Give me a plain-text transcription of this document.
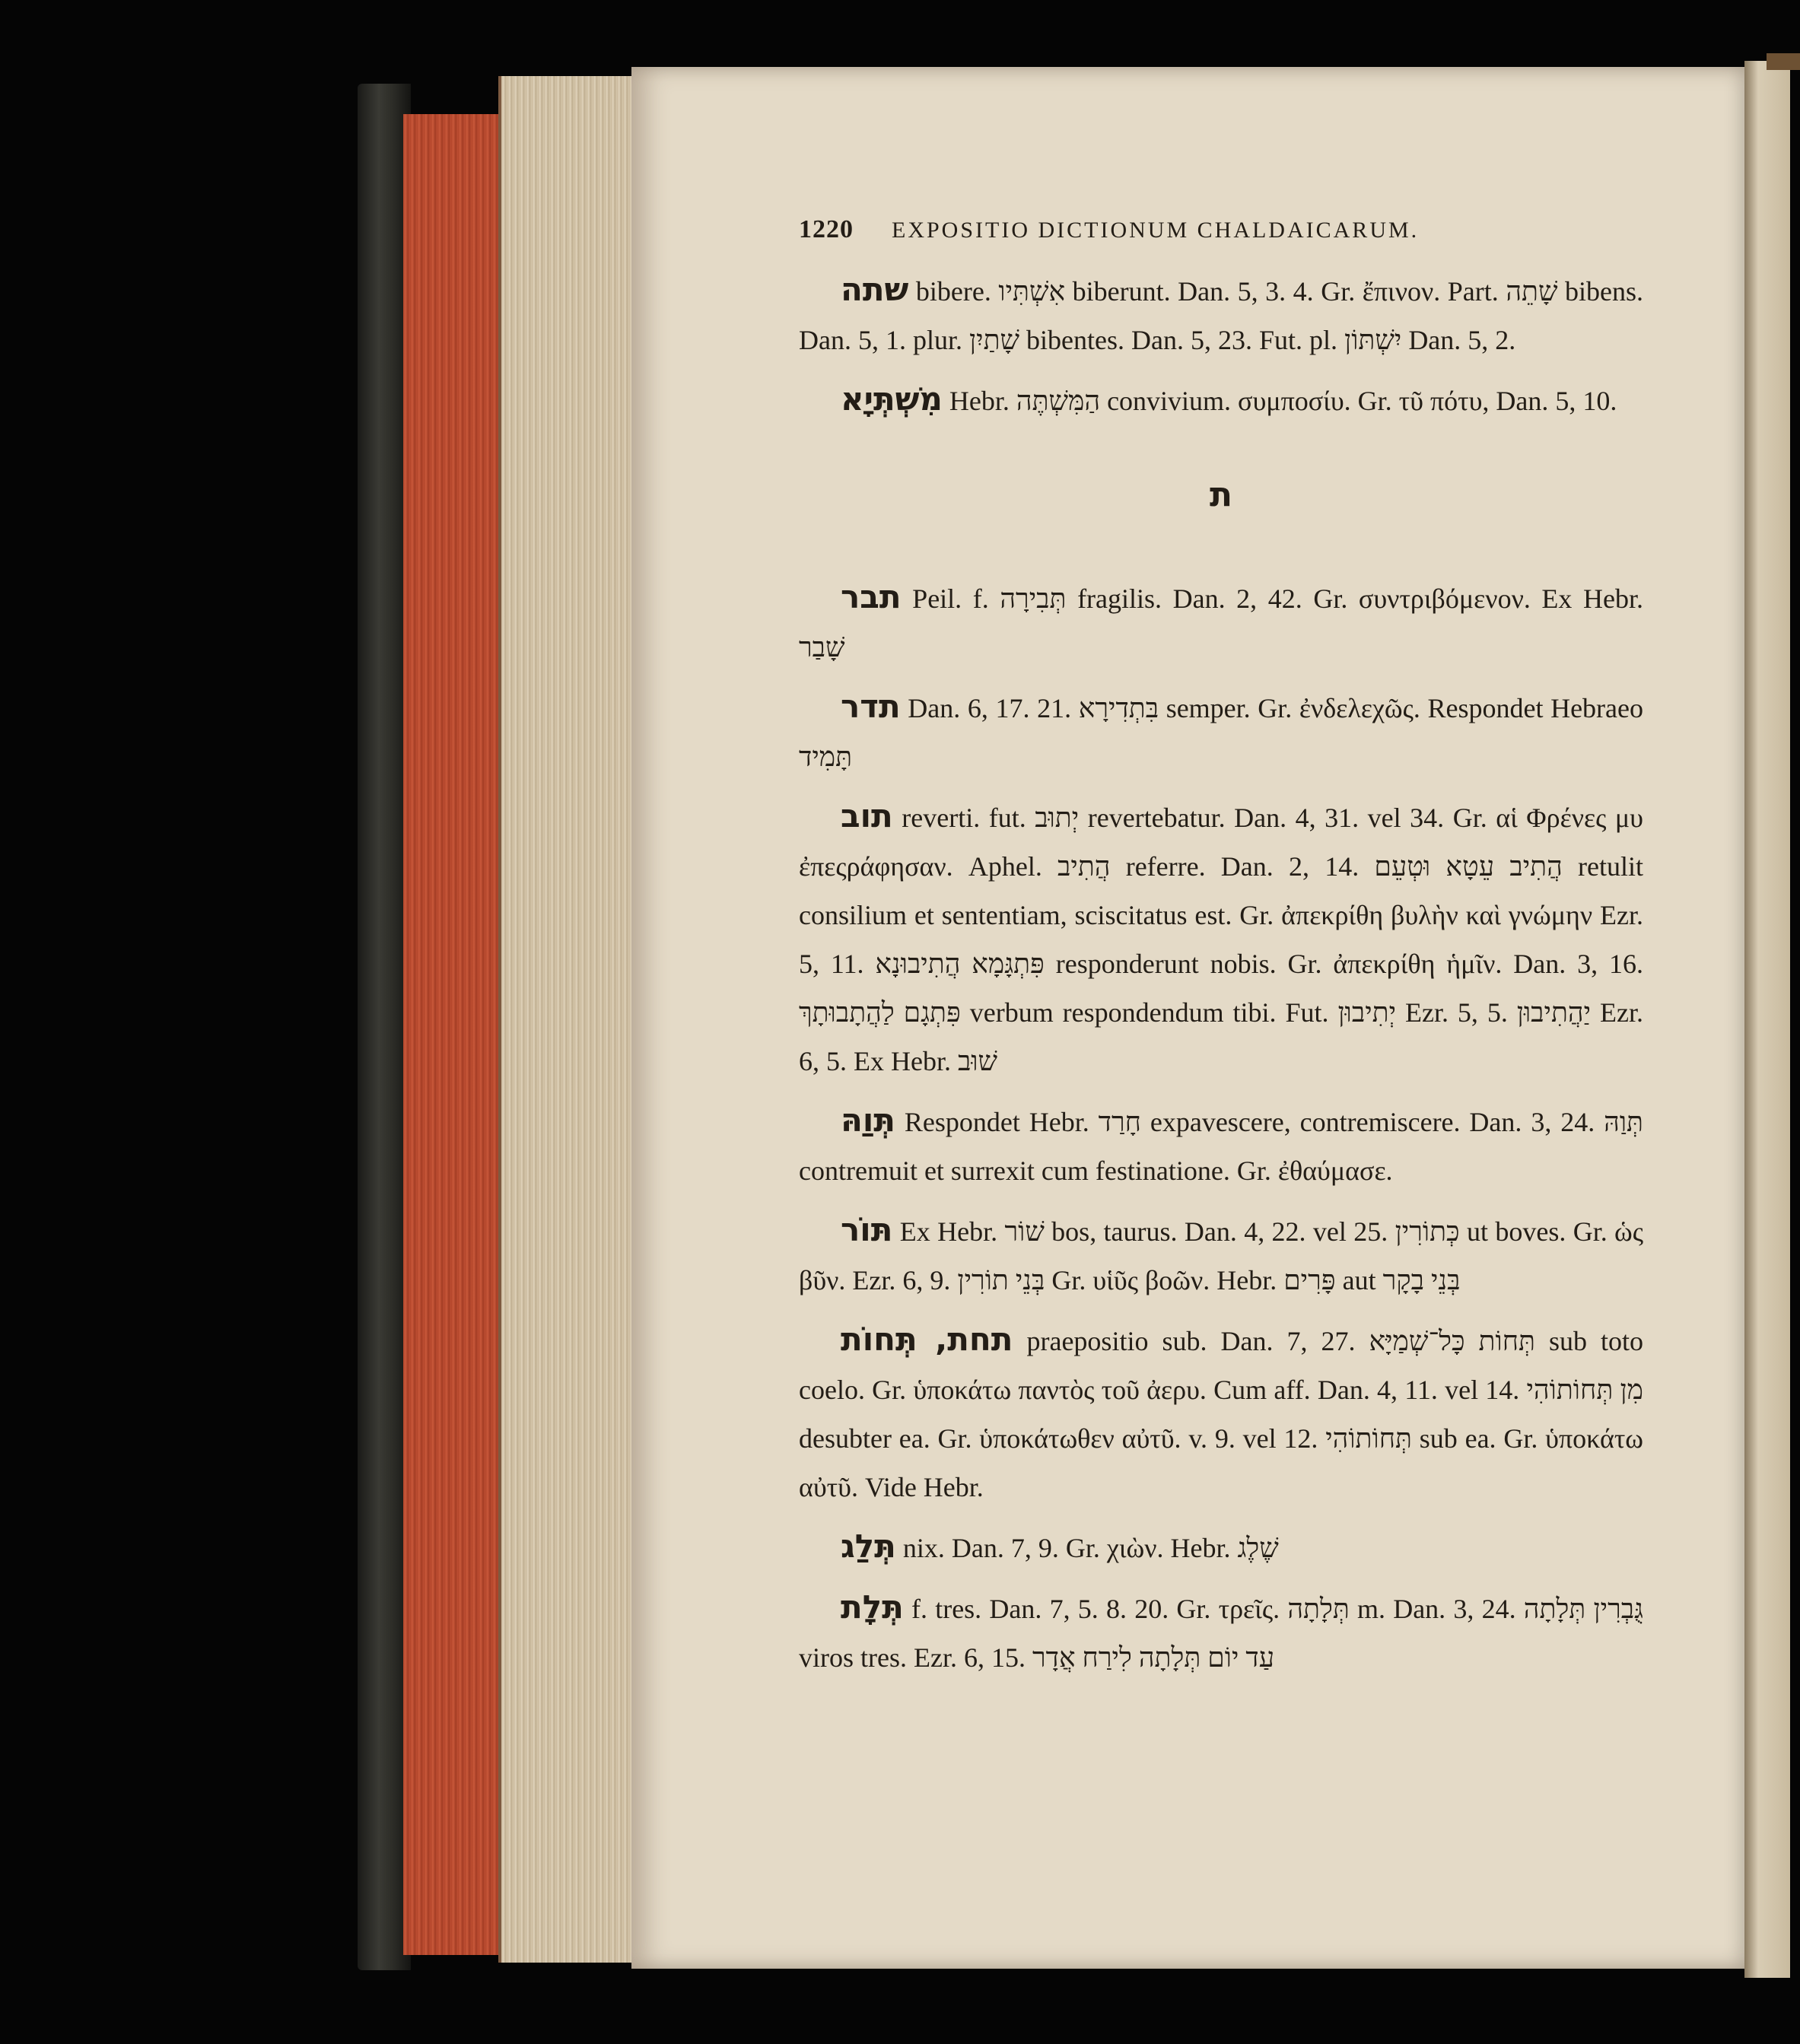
1220 EXPOSITIO DICTIONUM CHALDAICARUM.

שתה bibere. אִשְׁתִּיו biberunt. Dan. 5, 3. 4. Gr. ἔπινον. Part. שָׁתֵה bibens. Dan. 5, 1. plur. שָׁתַיִן bibentes. Dan. 5, 23. Fut. pl. יִשְׁתּוֹן Dan. 5, 2.

מִשְׁתְּיָא Hebr. הַמִּשְׁתֶּה convivium. συμποσίυ. Gr. τῦ πότυ, Dan. 5, 10.

ת

תבר Peil. f. תְּבִירָה fragilis. Dan. 2, 42. Gr. συντριβόμενον. Ex Hebr. שָׁבַר

תדר Dan. 6, 17. 21. בִּתְדִירָא semper. Gr. ἐνδελεχῶς. Respondet Hebraeo תָּמִיד

תוב reverti. fut. יְתוּב revertebatur. Dan. 4, 31. vel 34. Gr. αἱ Φρένες μυ ἐπεςράφησαν. Aphel. הֲתִיב referre. Dan. 2, 14. הֲתִיב עֵטָא וּטְעֵם retulit consilium et sententiam, sciscitatus est. Gr. ἀπεκρίθη βυλὴν καὶ γνώμην Ezr. 5, 11. פִּתְגָּמָא הֲתִיבוּנָא responderunt nobis. Gr. ἀπεκρίθη ἡμῖν. Dan. 3, 16. פִּתְגָם לַהֲתָבוּתָךְ verbum respondendum tibi. Fut. יְתִיבוּן Ezr. 5, 5. יַהֲתִיבוּן Ezr. 6, 5. Ex Hebr. שׁוּב

תְּוַהּ Respondet Hebr. חָרַד expavescere, contremiscere. Dan. 3, 24. תְּוַהּ contremuit et surrexit cum festinatione. Gr. ἐθαύμασε.

תּוֹר Ex Hebr. שׁוֹר bos, taurus. Dan. 4, 22. vel 25. כְּתוֹרִין ut boves. Gr. ὡς βῦν. Ezr. 6, 9. בְּנֵי תוֹרִין Gr. υἱῦς βοῶν. Hebr. פָּרִים aut בְּנֵי בָקָר

תחת, תְּחוֹת praepositio sub. Dan. 7, 27. תְּחוֹת כָּל־שְׁמַיָּא sub toto coelo. Gr. ὑποκάτω παντὸς τοῦ ἀερυ. Cum aff. Dan. 4, 11. vel 14. מִן תְּחוֹתוֹהִי desubter ea. Gr. ὑποκάτωθεν αὐτῦ. v. 9. vel 12. תְּחוֹתוֹהִי sub ea. Gr. ὑποκάτω αὐτῦ. Vide Hebr.

תְּלַג nix. Dan. 7, 9. Gr. χιὼν. Hebr. שֶׁלֶג

תְּלָת f. tres. Dan. 7, 5. 8. 20. Gr. τρεῖς. תְּלָתָה m. Dan. 3, 24. גֻּבְרִין תְּלָתָה viros tres. Ezr. 6, 15. עַד יוֹם תְּלָתָה לִירַח אֲדָר
